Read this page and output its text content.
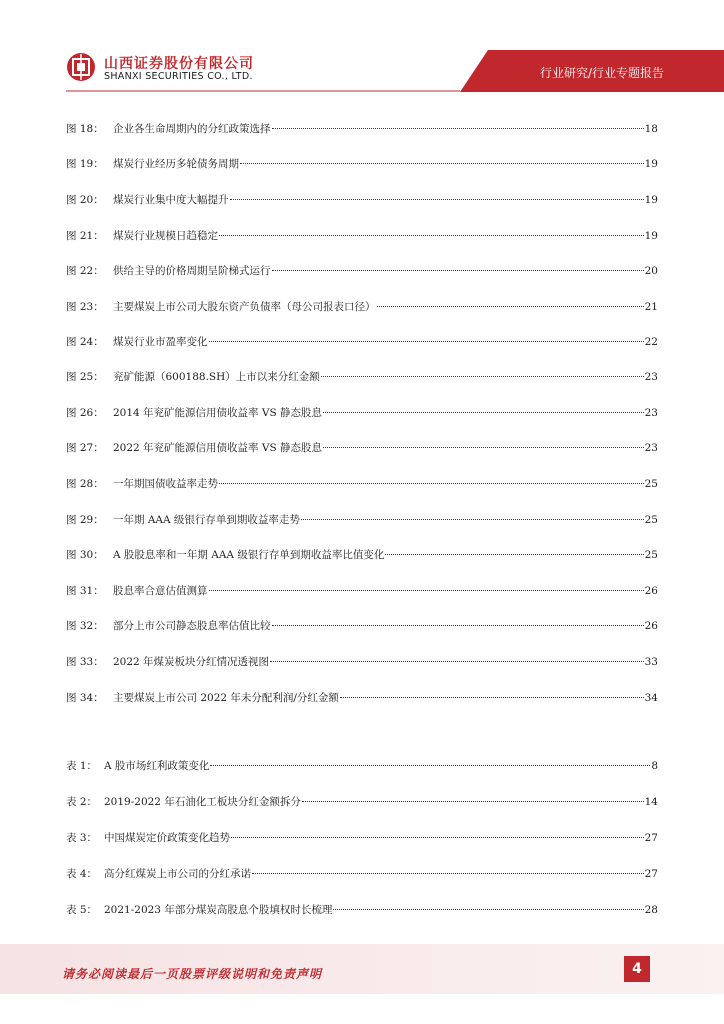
山西证券股份有限公司
SHANXI SECURITIES CO., LTD.	行业研究/行业专题报告
图 18： 企业各生命周期内的分红政策选择	18
图 19： 煤炭行业经历多轮债务周期	19
图 20： 煤炭行业集中度大幅提升	19
图 21： 煤炭行业规模日趋稳定	19
图 22： 供给主导的价格周期呈阶梯式运行	20
图 23： 主要煤炭上市公司大股东资产负债率（母公司报表口径）	21
图 24： 煤炭行业市盈率变化	22
图 25： 兖矿能源（600188.SH）上市以来分红金额	23
图 26： 2014 年兖矿能源信用债收益率 VS 静态股息	23
图 27： 2022 年兖矿能源信用债收益率 VS 静态股息	23
图 28： 一年期国债收益率走势	25
图 29： 一年期 AAA 级银行存单到期收益率走势	25
图 30： A 股股息率和一年期 AAA 级银行存单到期收益率比值变化	25
图 31： 股息率合意估值测算	26
图 32： 部分上市公司静态股息率估值比较	26
图 33： 2022 年煤炭板块分红情况透视图	33
图 34： 主要煤炭上市公司 2022 年未分配利润/分红金额	34
表 1： A 股市场红利政策变化	8
表 2： 2019-2022 年石油化工板块分红金额拆分	14
表 3： 中国煤炭定价政策变化趋势	27
表 4： 高分红煤炭上市公司的分红承诺	27
表 5： 2021-2023 年部分煤炭高股息个股填权时长梳理	28
请务必阅读最后一页股票评级说明和免责声明	4
